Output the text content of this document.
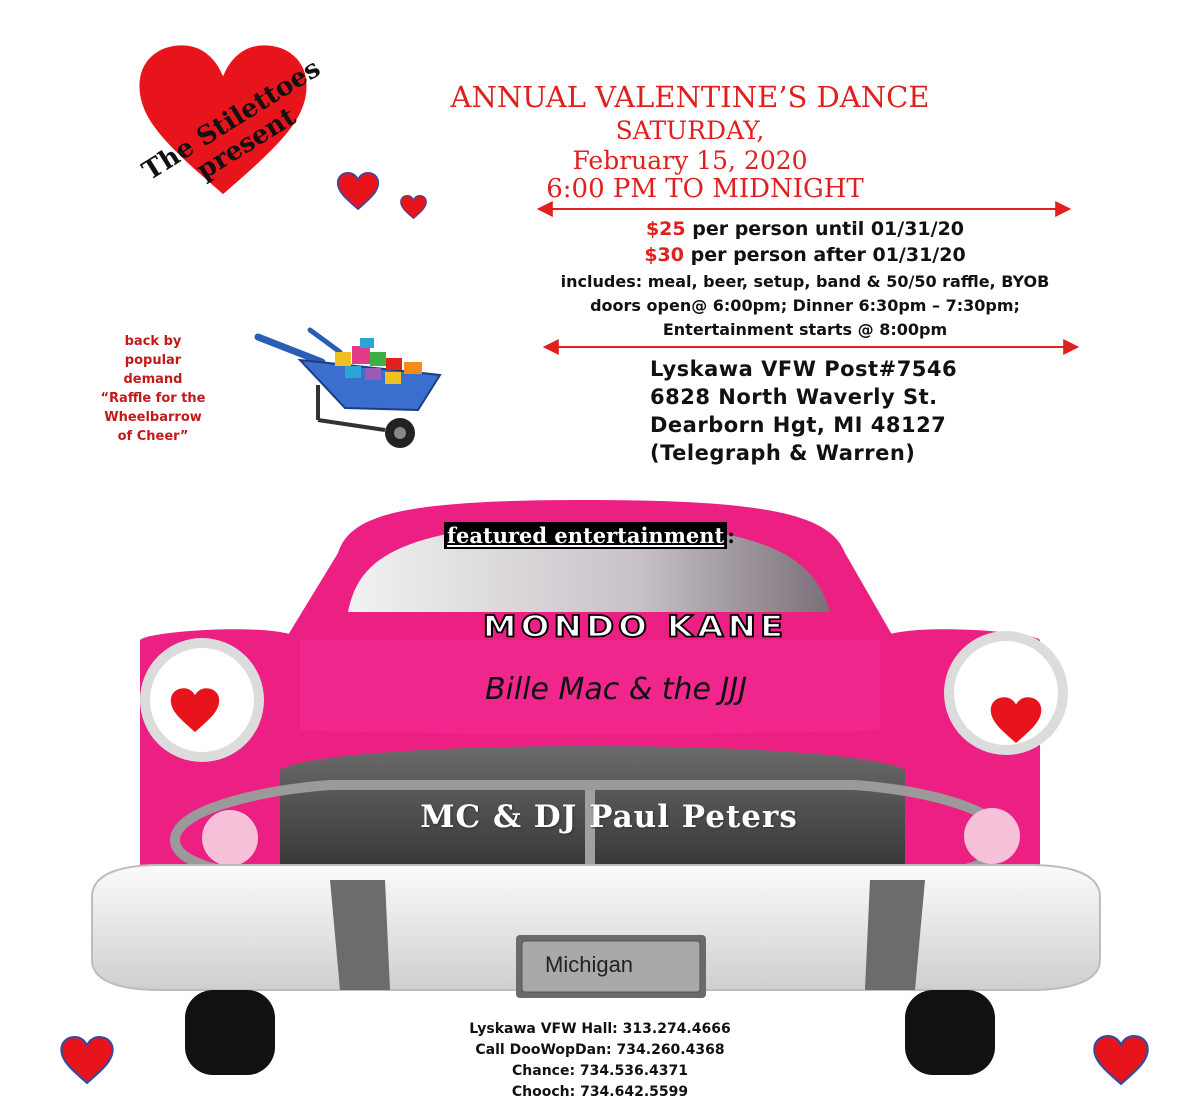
The Stilettoes present
ANNUAL VALENTINE’S DANCE
SATURDAY,
February 15, 2020
6:00 PM TO MIDNIGHT
$25 per person until 01/31/20
$30 per person after 01/31/20
includes: meal, beer, setup, band & 50/50 raffle, BYOB
doors open@ 6:00pm; Dinner 6:30pm – 7:30pm;
Entertainment starts @ 8:00pm
Lyskawa VFW Post#7546
6828 North Waverly St.
Dearborn Hgt, MI 48127
(Telegraph & Warren)
back by
popular
demand
“Raffle for the
Wheelbarrow
of Cheer”
featured entertainment :
MONDO KANE
Bille Mac & the JJJ
MC & DJ Paul Peters
Michigan
Lyskawa VFW Hall: 313.274.4666
Call DooWopDan: 734.260.4368
Chance: 734.536.4371
Chooch: 734.642.5599
